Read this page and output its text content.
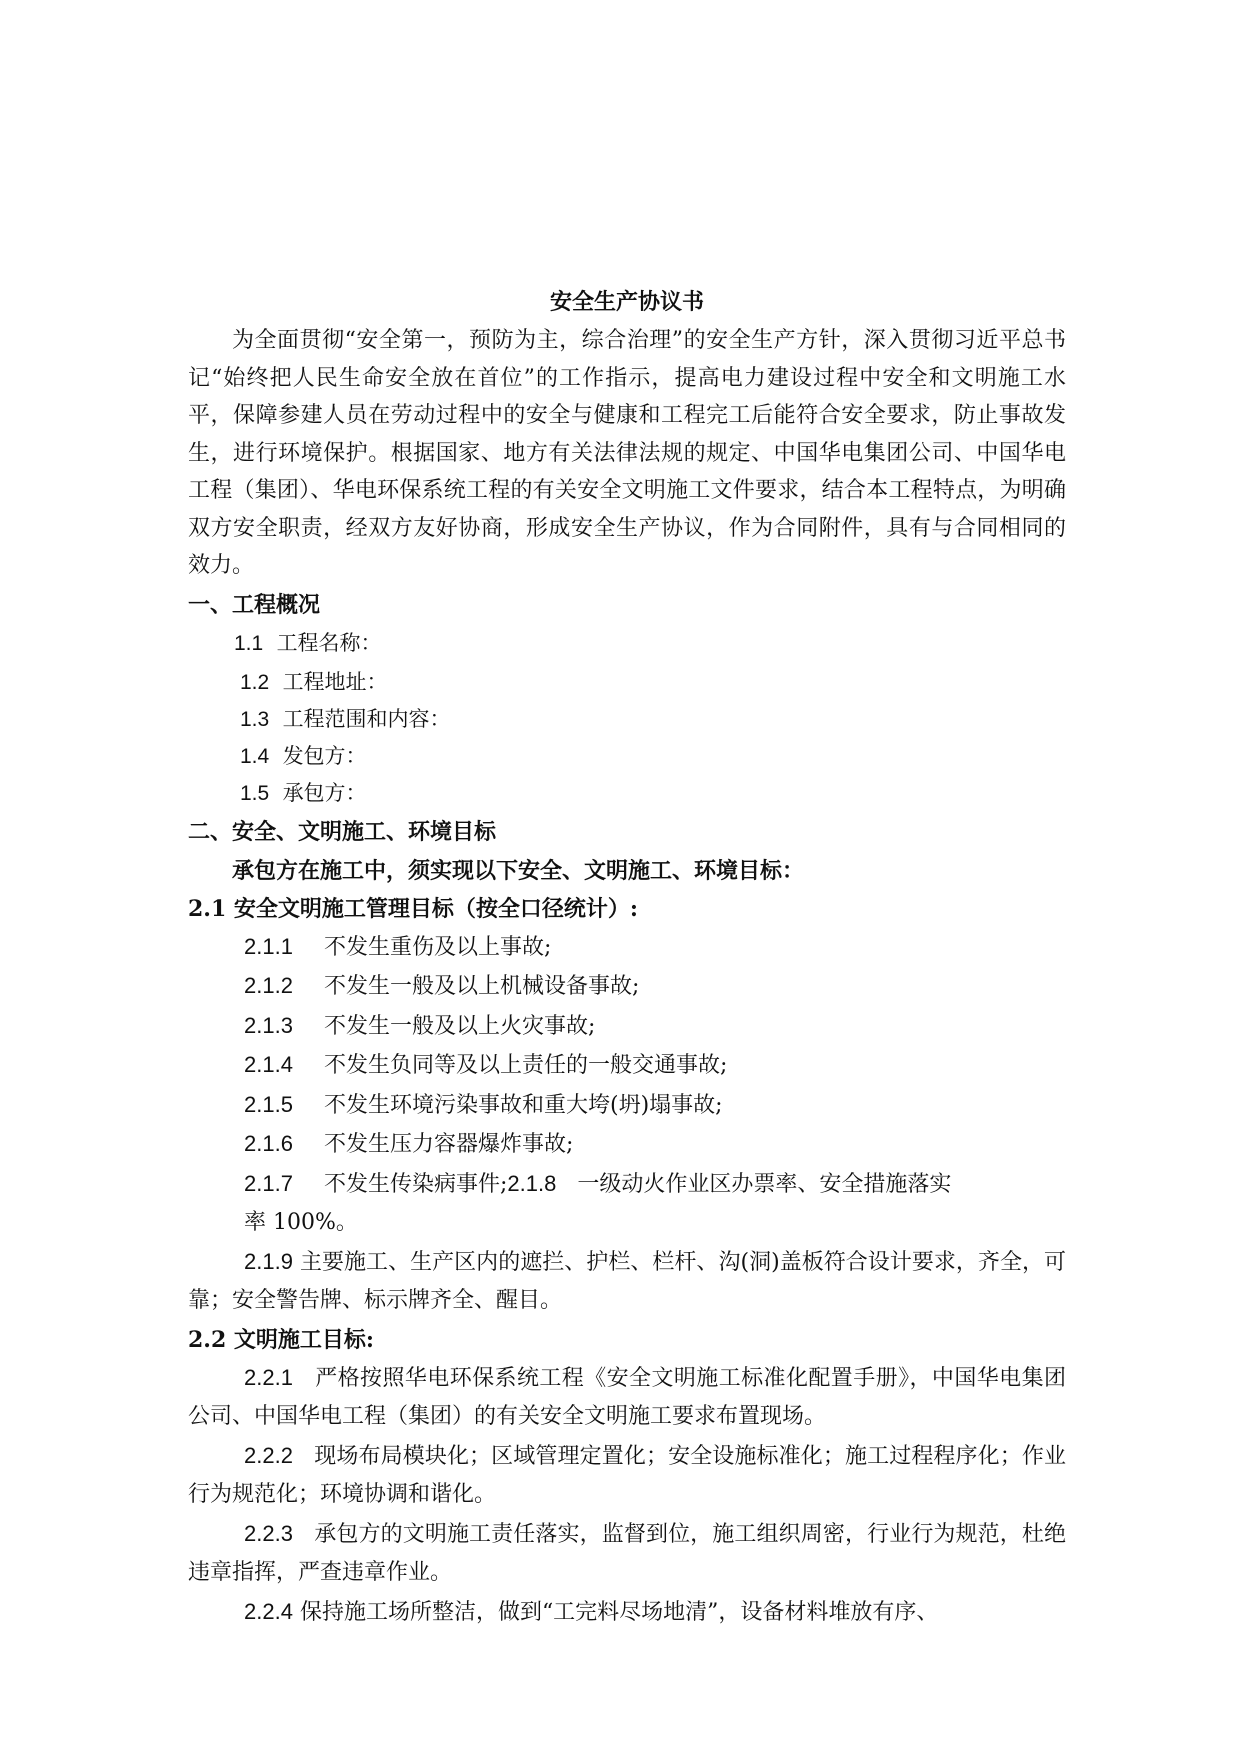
安全生产协议书

为全面贯彻“安全第一，预防为主，综合治理”的安全生产方针，深入贯彻习近平总书记“始终把人民生命安全放在首位”的工作指示，提高电力建设过程中安全和文明施工水平，保障参建人员在劳动过程中的安全与健康和工程完工后能符合安全要求，防止事故发生，进行环境保护。根据国家、地方有关法律法规的规定、中国华电集团公司、中国华电工程（集团）、华电环保系统工程的有关安全文明施工文件要求，结合本工程特点，为明确双方安全职责，经双方友好协商，形成安全生产协议，作为合同附件，具有与合同相同的效力。

一、工程概况

1.1 工程名称：

1.2 工程地址：

1.3 工程范围和内容：

1.4 发包方：

1.5 承包方：

二、安全、文明施工、环境目标

承包方在施工中，须实现以下安全、文明施工、环境目标：

2.1 安全文明施工管理目标（按全口径统计）:

2.1.1 不发生重伤及以上事故;

2.1.2 不发生一般及以上机械设备事故;

2.1.3 不发生一般及以上火灾事故;

2.1.4 不发生负同等及以上责任的一般交通事故;

2.1.5 不发生环境污染事故和重大垮(坍)塌事故;

2.1.6 不发生压力容器爆炸事故;

2.1.7 不发生传染病事件;2.1.8 一级动火作业区办票率、安全措施落实

率 100%。

2.1.9 主要施工、生产区内的遮拦、护栏、栏杆、沟(洞)盖板符合设计要求，齐全，可靠；安全警告牌、标示牌齐全、醒目。

2.2 文明施工目标:

2.2.1 严格按照华电环保系统工程《安全文明施工标准化配置手册》，中国华电集团公司、中国华电工程（集团）的有关安全文明施工要求布置现场。

2.2.2 现场布局模块化；区域管理定置化；安全设施标准化；施工过程程序化；作业行为规范化；环境协调和谐化。

2.2.3 承包方的文明施工责任落实，监督到位，施工组织周密，行业行为规范，杜绝违章指挥，严查违章作业。

2.2.4 保持施工场所整洁，做到“工完料尽场地清”，设备材料堆放有序、
